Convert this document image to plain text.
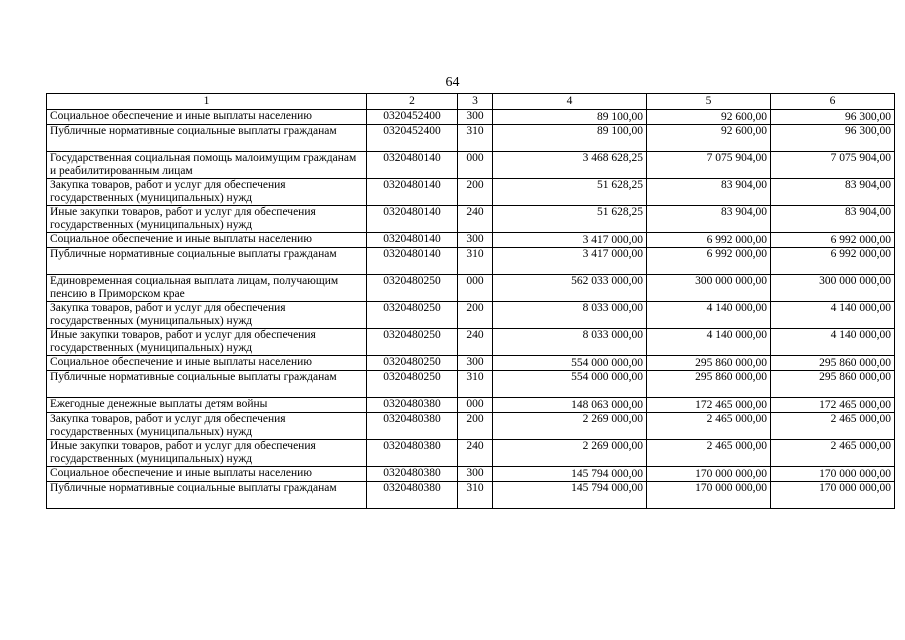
64
1	2	3	4	5	6
Социальное обеспечение и иные выплаты населению	0320452400	300	89 100,00	92 600,00	96 300,00
Публичные нормативные социальные выплаты гражданам	0320452400	310	89 100,00	92 600,00	96 300,00
Государственная социальная помощь малоимущим гражданам и реабилитированным лицам	0320480140	000	3 468 628,25	7 075 904,00	7 075 904,00
Закупка товаров, работ и услуг для обеспечения государственных (муниципальных) нужд	0320480140	200	51 628,25	83 904,00	83 904,00
Иные закупки товаров, работ и услуг для обеспечения государственных (муниципальных) нужд	0320480140	240	51 628,25	83 904,00	83 904,00
Социальное обеспечение и иные выплаты населению	0320480140	300	3 417 000,00	6 992 000,00	6 992 000,00
Публичные нормативные социальные выплаты гражданам	0320480140	310	3 417 000,00	6 992 000,00	6 992 000,00
Единовременная социальная выплата лицам, получающим пенсию в Приморском крае	0320480250	000	562 033 000,00	300 000 000,00	300 000 000,00
Закупка товаров, работ и услуг для обеспечения государственных (муниципальных) нужд	0320480250	200	8 033 000,00	4 140 000,00	4 140 000,00
Иные закупки товаров, работ и услуг для обеспечения государственных (муниципальных) нужд	0320480250	240	8 033 000,00	4 140 000,00	4 140 000,00
Социальное обеспечение и иные выплаты населению	0320480250	300	554 000 000,00	295 860 000,00	295 860 000,00
Публичные нормативные социальные выплаты гражданам	0320480250	310	554 000 000,00	295 860 000,00	295 860 000,00
Ежегодные денежные выплаты детям войны	0320480380	000	148 063 000,00	172 465 000,00	172 465 000,00
Закупка товаров, работ и услуг для обеспечения государственных (муниципальных) нужд	0320480380	200	2 269 000,00	2 465 000,00	2 465 000,00
Иные закупки товаров, работ и услуг для обеспечения государственных (муниципальных) нужд	0320480380	240	2 269 000,00	2 465 000,00	2 465 000,00
Социальное обеспечение и иные выплаты населению	0320480380	300	145 794 000,00	170 000 000,00	170 000 000,00
Публичные нормативные социальные выплаты гражданам	0320480380	310	145 794 000,00	170 000 000,00	170 000 000,00
